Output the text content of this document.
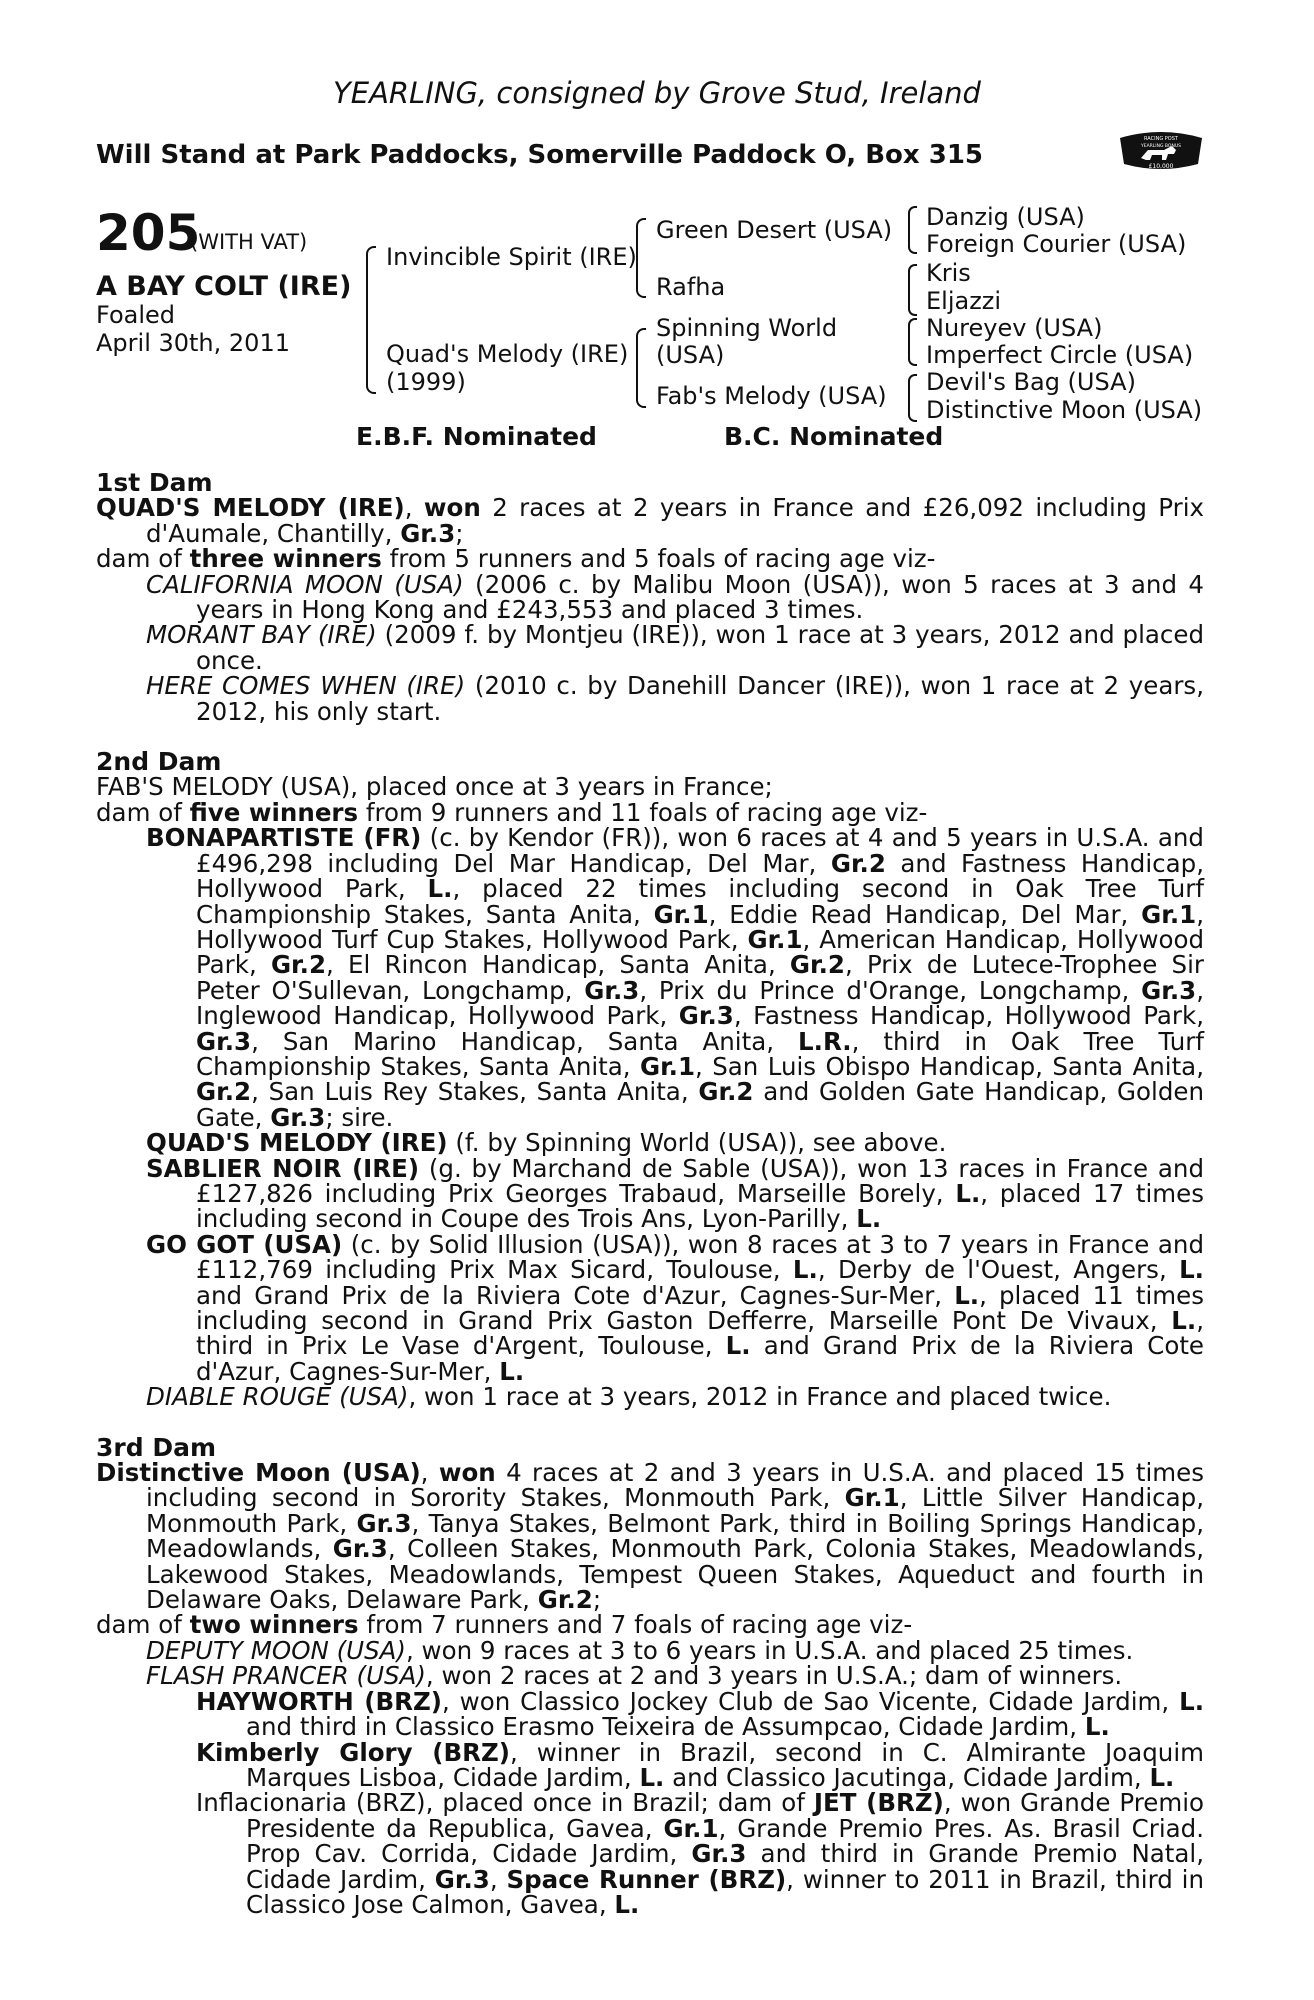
YEARLING, consigned by Grove Stud, Ireland
Will Stand at Park Paddocks, Somerville Paddock O, Box 315
RACING POST
YEARLING BONUS
£10,000
205
(WITH VAT)
A BAY COLT (IRE)
Foaled
April 30th, 2011
Invincible Spirit (IRE)
Quad's Melody (IRE)
(1999)
Green Desert (USA)
Rafha
Spinning World
(USA)
Fab's Melody (USA)
Danzig (USA)
Foreign Courier (USA)
Kris
Eljazzi
Nureyev (USA)
Imperfect Circle (USA)
Devil's Bag (USA)
Distinctive Moon (USA)
E.B.F. Nominated	B.C. Nominated

1st Dam

QUAD'S MELODY (IRE), won 2 races at 2 years in France and £26,092 including Prix d'Aumale, Chantilly, Gr.3;

dam of three winners from 5 runners and 5 foals of racing age viz-

CALIFORNIA MOON (USA) (2006 c. by Malibu Moon (USA)), won 5 races at 3 and 4 years in Hong Kong and £243,553 and placed 3 times.

MORANT BAY (IRE) (2009 f. by Montjeu (IRE)), won 1 race at 3 years, 2012 and placed once.

HERE COMES WHEN (IRE) (2010 c. by Danehill Dancer (IRE)), won 1 race at 2 years, 2012, his only start.

2nd Dam

FAB'S MELODY (USA), placed once at 3 years in France;

dam of five winners from 9 runners and 11 foals of racing age viz-

BONAPARTISTE (FR) (c. by Kendor (FR)), won 6 races at 4 and 5 years in U.S.A. and £496,298 including Del Mar Handicap, Del Mar, Gr.2 and Fastness Handicap, Hollywood Park, L., placed 22 times including second in Oak Tree Turf Championship Stakes, Santa Anita, Gr.1, Eddie Read Handicap, Del Mar, Gr.1, Hollywood Turf Cup Stakes, Hollywood Park, Gr.1, American Handicap, Hollywood Park, Gr.2, El Rincon Handicap, Santa Anita, Gr.2, Prix de Lutece-Trophee Sir Peter O'Sullevan, Longchamp, Gr.3, Prix du Prince d'Orange, Longchamp, Gr.3, Inglewood Handicap, Hollywood Park, Gr.3, Fastness Handicap, Hollywood Park, Gr.3, San Marino Handicap, Santa Anita, L.R., third in Oak Tree Turf Championship Stakes, Santa Anita, Gr.1, San Luis Obispo Handicap, Santa Anita, Gr.2, San Luis Rey Stakes, Santa Anita, Gr.2 and Golden Gate Handicap, Golden Gate, Gr.3; sire.

QUAD'S MELODY (IRE) (f. by Spinning World (USA)), see above.

SABLIER NOIR (IRE) (g. by Marchand de Sable (USA)), won 13 races in France and £127,826 including Prix Georges Trabaud, Marseille Borely, L., placed 17 times including second in Coupe des Trois Ans, Lyon-Parilly, L.

GO GOT (USA) (c. by Solid Illusion (USA)), won 8 races at 3 to 7 years in France and £112,769 including Prix Max Sicard, Toulouse, L., Derby de l'Ouest, Angers, L. and Grand Prix de la Riviera Cote d'Azur, Cagnes-Sur-Mer, L., placed 11 times including second in Grand Prix Gaston Defferre, Marseille Pont De Vivaux, L., third in Prix Le Vase d'Argent, Toulouse, L. and Grand Prix de la Riviera Cote d'Azur, Cagnes-Sur-Mer, L.

DIABLE ROUGE (USA), won 1 race at 3 years, 2012 in France and placed twice.

3rd Dam

Distinctive Moon (USA), won 4 races at 2 and 3 years in U.S.A. and placed 15 times including second in Sorority Stakes, Monmouth Park, Gr.1, Little Silver Handicap, Monmouth Park, Gr.3, Tanya Stakes, Belmont Park, third in Boiling Springs Handicap, Meadowlands, Gr.3, Colleen Stakes, Monmouth Park, Colonia Stakes, Meadowlands, Lakewood Stakes, Meadowlands, Tempest Queen Stakes, Aqueduct and fourth in Delaware Oaks, Delaware Park, Gr.2;

dam of two winners from 7 runners and 7 foals of racing age viz-

DEPUTY MOON (USA), won 9 races at 3 to 6 years in U.S.A. and placed 25 times.

FLASH PRANCER (USA), won 2 races at 2 and 3 years in U.S.A.; dam of winners.

HAYWORTH (BRZ), won Classico Jockey Club de Sao Vicente, Cidade Jardim, L. and third in Classico Erasmo Teixeira de Assumpcao, Cidade Jardim, L.

Kimberly Glory (BRZ), winner in Brazil, second in C. Almirante Joaquim Marques Lisboa, Cidade Jardim, L. and Classico Jacutinga, Cidade Jardim, L.

Inflacionaria (BRZ), placed once in Brazil; dam of JET (BRZ), won Grande Premio Presidente da Republica, Gavea, Gr.1, Grande Premio Pres. As. Brasil Criad. Prop Cav. Corrida, Cidade Jardim, Gr.3 and third in Grande Premio Natal, Cidade Jardim, Gr.3, Space Runner (BRZ), winner to 2011 in Brazil, third in Classico Jose Calmon, Gavea, L.
